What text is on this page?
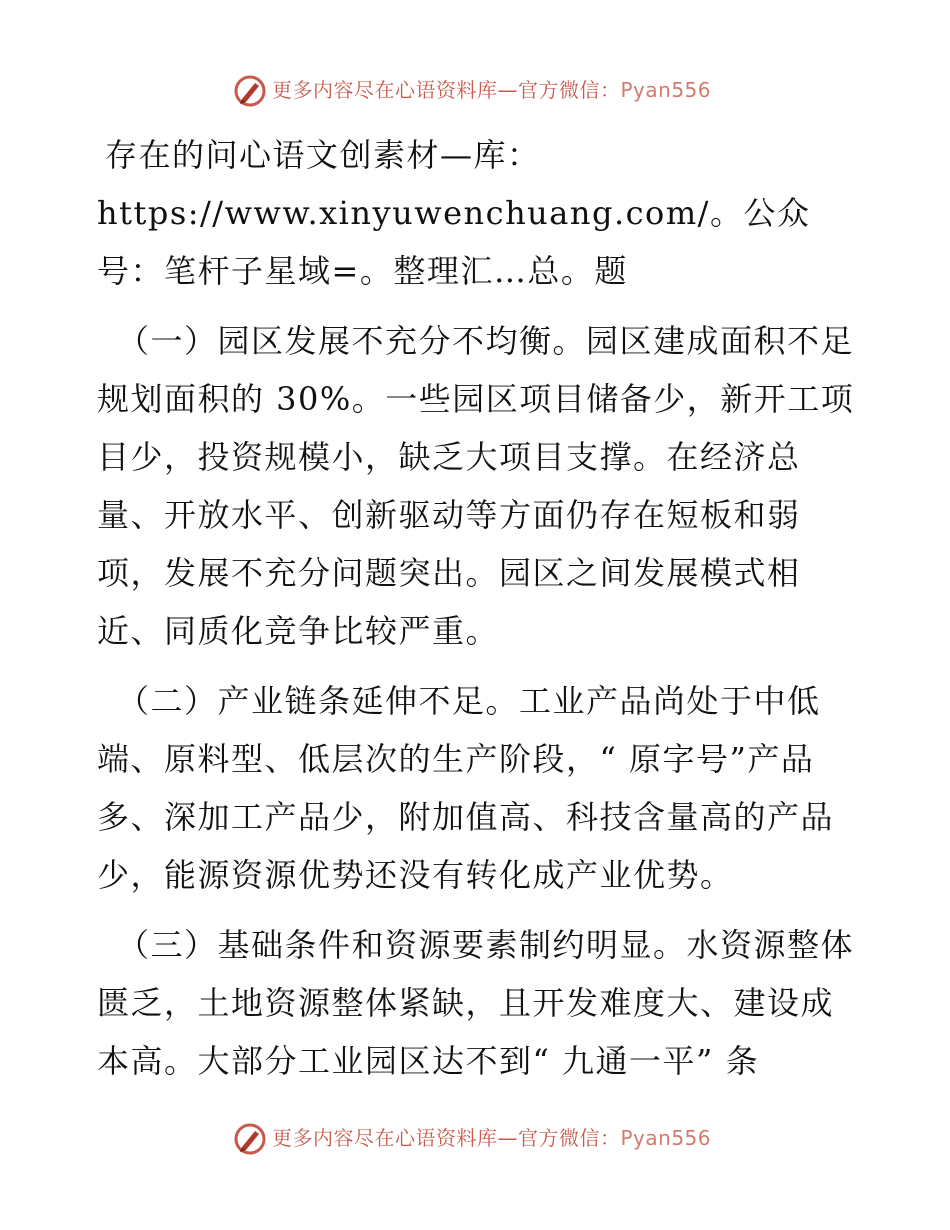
更多内容尽在心语资料库—官方微信：Pyan556

存在的问心语文创素材—库：https://www.xinyuwenchuang.com/。公众号：笔杆子星域=。整理汇…总。题

（一）园区发展不充分不均衡。园区建成面积不足规划面积的 30%。一些园区项目储备少，新开工项目少，投资规模小，缺乏大项目支撑。在经济总量、开放水平、创新驱动等方面仍存在短板和弱项，发展不充分问题突出。园区之间发展模式相近、同质化竞争比较严重。

（二）产业链条延伸不足。工业产品尚处于中低端、原料型、低层次的生产阶段，“ 原字号”产品多、深加工产品少，附加值高、科技含量高的产品少，能源资源优势还没有转化成产业优势。

（三）基础条件和资源要素制约明显。水资源整体匮乏，土地资源整体紧缺，且开发难度大、建设成本高。大部分工业园区达不到“ 九通一平” 条

更多内容尽在心语资料库—官方微信：Pyan556
